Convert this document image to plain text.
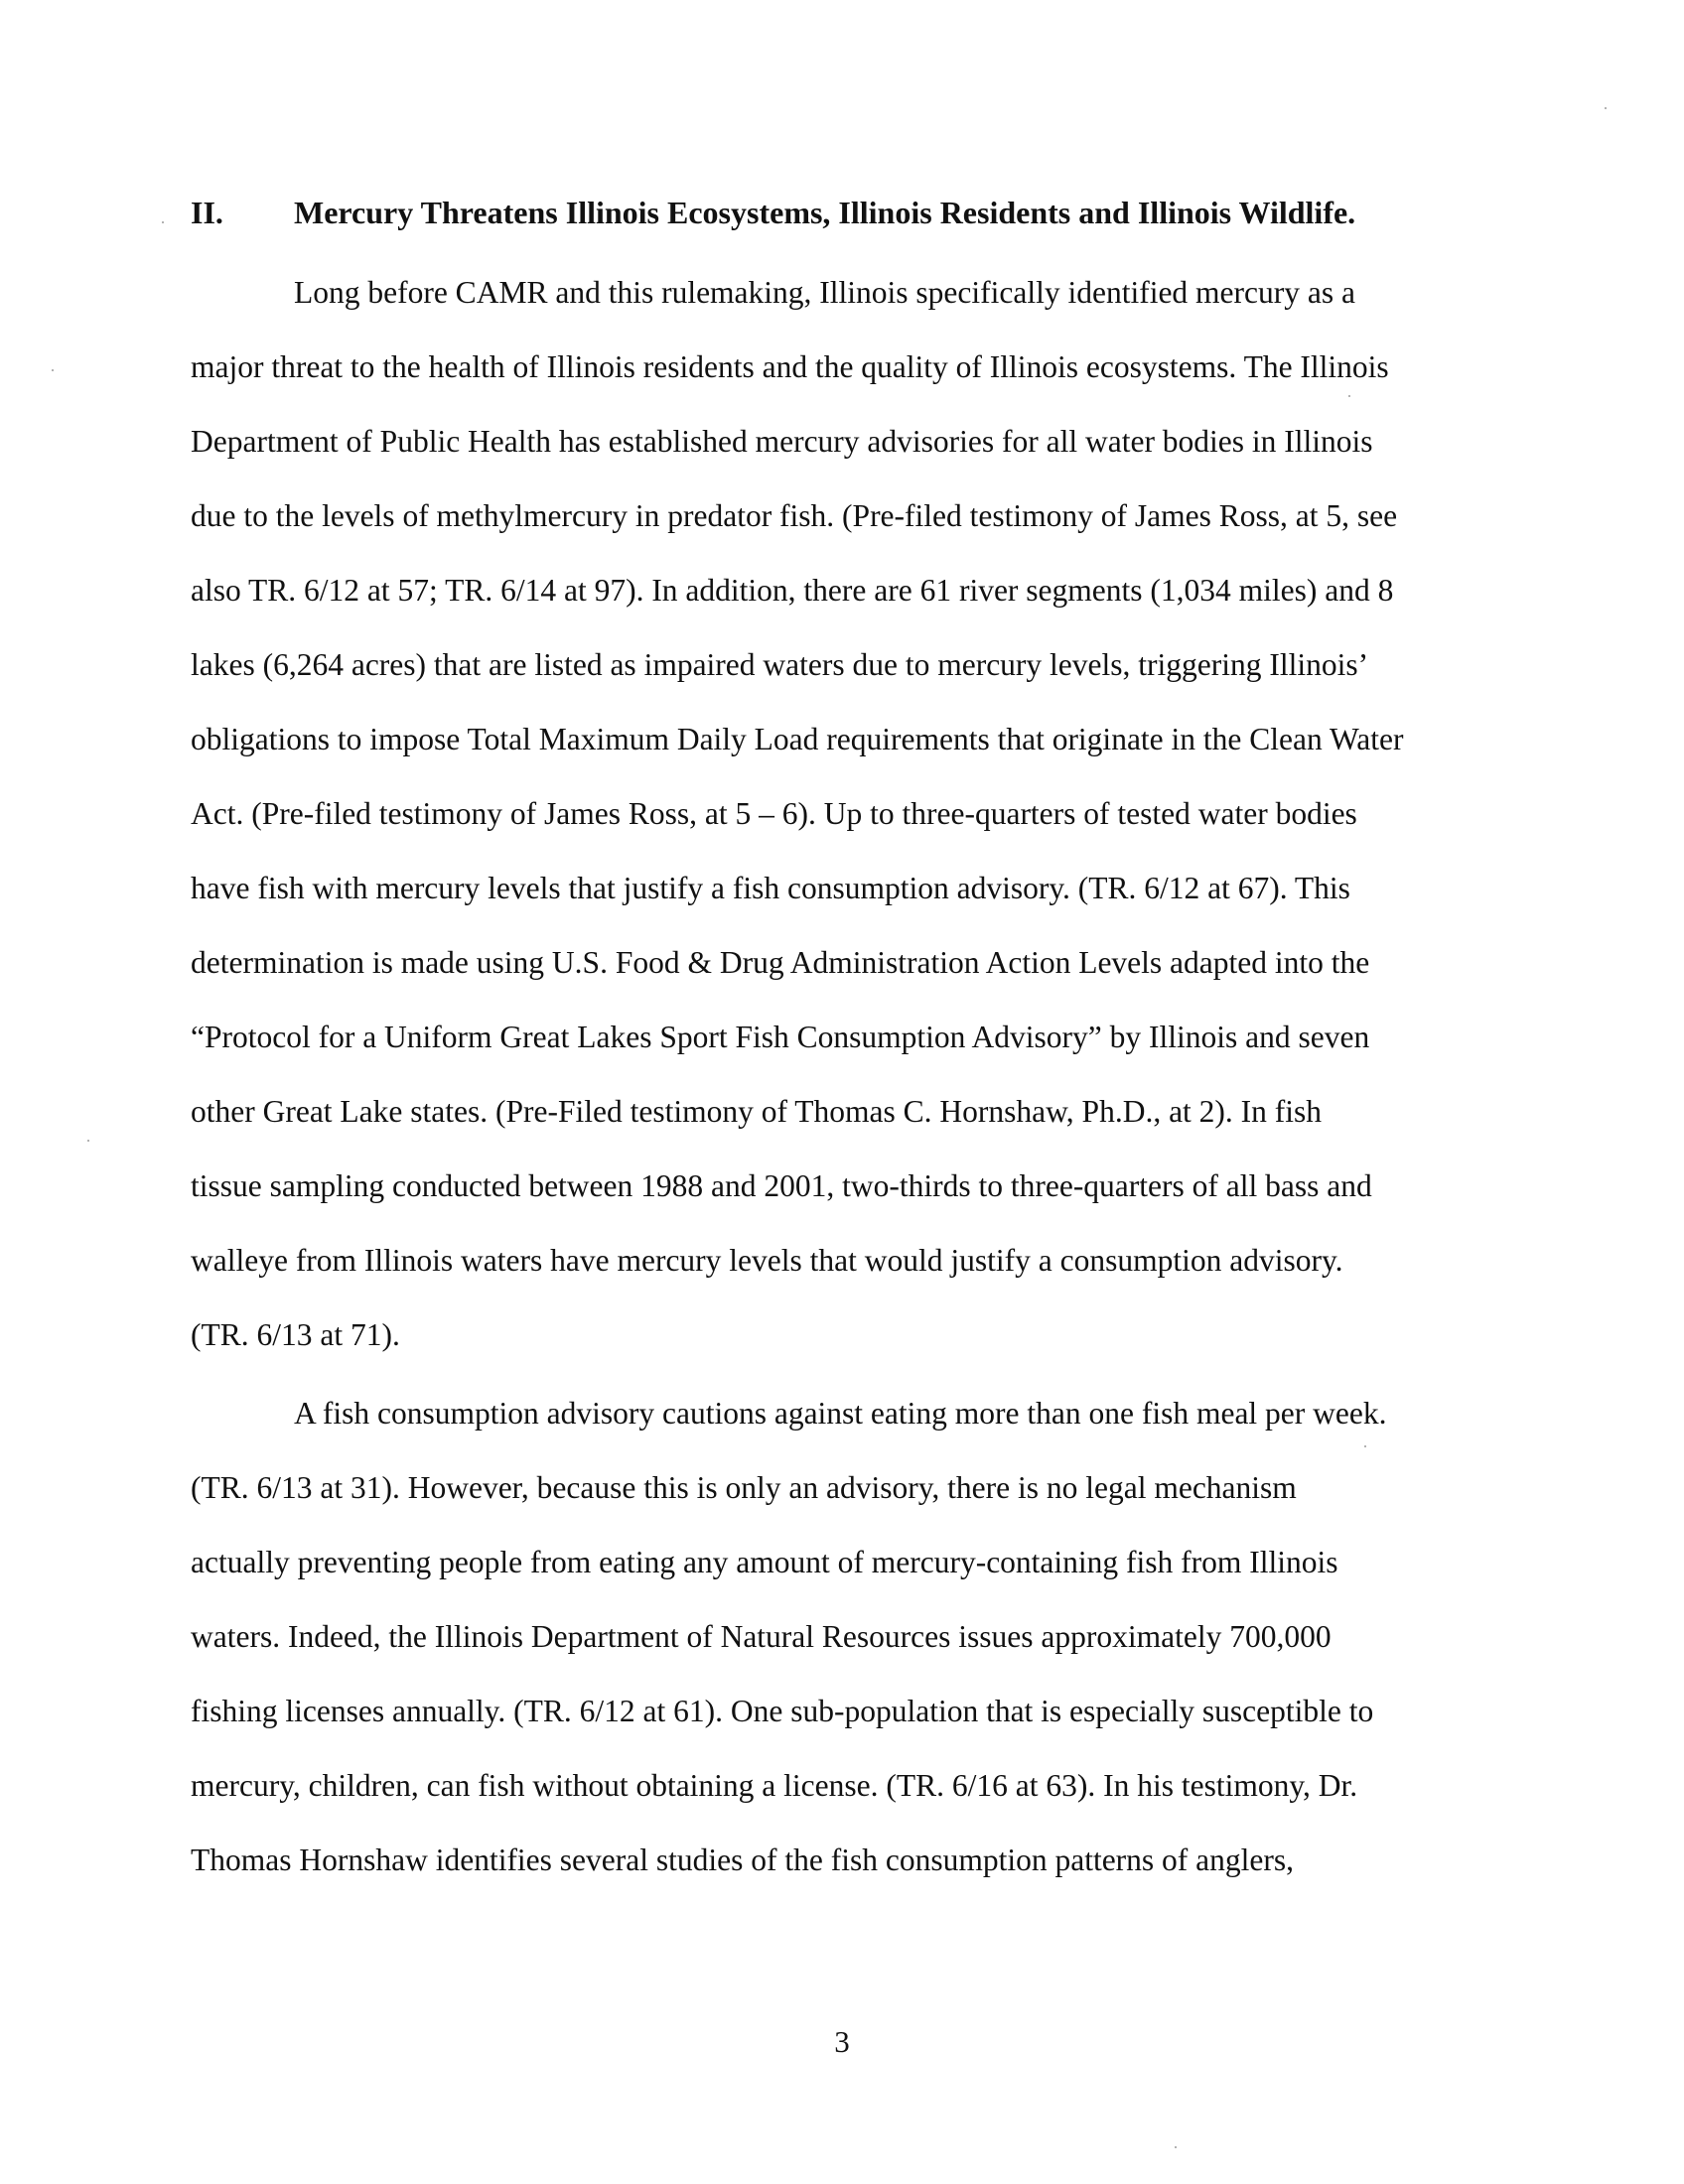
II. Mercury Threatens Illinois Ecosystems, Illinois Residents and Illinois Wildlife.
Long before CAMR and this rulemaking, Illinois specifically identified mercury as a
major threat to the health of Illinois residents and the quality of Illinois ecosystems. The Illinois
Department of Public Health has established mercury advisories for all water bodies in Illinois
due to the levels of methylmercury in predator fish. (Pre-filed testimony of James Ross, at 5, see
also TR. 6/12 at 57; TR. 6/14 at 97). In addition, there are 61 river segments (1,034 miles) and 8
lakes (6,264 acres) that are listed as impaired waters due to mercury levels, triggering Illinois’
obligations to impose Total Maximum Daily Load requirements that originate in the Clean Water
Act. (Pre-filed testimony of James Ross, at 5 – 6). Up to three-quarters of tested water bodies
have fish with mercury levels that justify a fish consumption advisory. (TR. 6/12 at 67). This
determination is made using U.S. Food & Drug Administration Action Levels adapted into the
“Protocol for a Uniform Great Lakes Sport Fish Consumption Advisory” by Illinois and seven
other Great Lake states. (Pre-Filed testimony of Thomas C. Hornshaw, Ph.D., at 2). In fish
tissue sampling conducted between 1988 and 2001, two-thirds to three-quarters of all bass and
walleye from Illinois waters have mercury levels that would justify a consumption advisory.
(TR. 6/13 at 71).
A fish consumption advisory cautions against eating more than one fish meal per week.
(TR. 6/13 at 31). However, because this is only an advisory, there is no legal mechanism
actually preventing people from eating any amount of mercury-containing fish from Illinois
waters. Indeed, the Illinois Department of Natural Resources issues approximately 700,000
fishing licenses annually. (TR. 6/12 at 61). One sub-population that is especially susceptible to
mercury, children, can fish without obtaining a license. (TR. 6/16 at 63). In his testimony, Dr.
Thomas Hornshaw identifies several studies of the fish consumption patterns of anglers,
3
